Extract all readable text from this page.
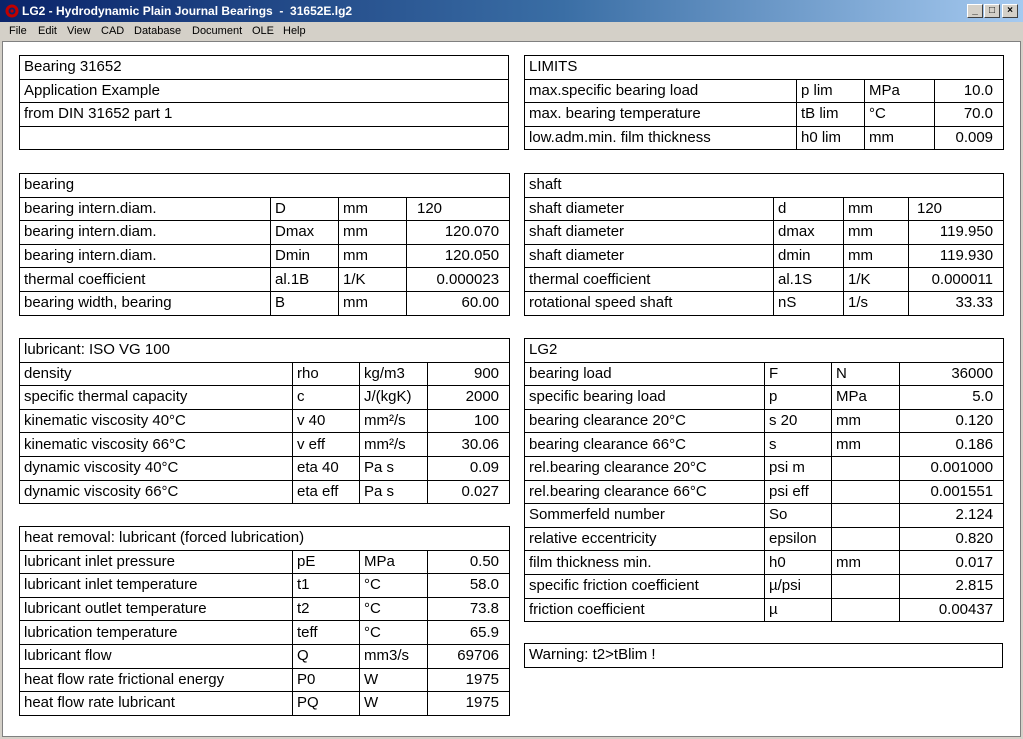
LG2 - Hydrodynamic Plain Journal Bearings  -  31652E.lg2	_	□	×
File Edit View CAD Database Document OLE Help
Bearing 31652
Application Example
from DIN 31652 part 1

LIMITS			
max.specific bearing load	p lim	MPa	10.0
max. bearing temperature	tB lim	°C	70.0
low.adm.min. film thickness	h0 lim	mm	0.009
bearing			
bearing intern.diam.	D	mm	120
bearing intern.diam.	Dmax	mm	120.070
bearing intern.diam.	Dmin	mm	120.050
thermal coefficient	al.1B	1/K	0.000023
bearing width, bearing	B	mm	60.00
shaft			
shaft diameter	d	mm	120
shaft diameter	dmax	mm	119.950
shaft diameter	dmin	mm	119.930
thermal coefficient	al.1S	1/K	0.000011
rotational speed shaft	nS	1/s	33.33
lubricant: ISO VG 100			
density	rho	kg/m3	900
specific thermal capacity	c	J/(kgK)	2000
kinematic viscosity 40°C	v 40	mm²/s	100
kinematic viscosity 66°C	v eff	mm²/s	30.06
dynamic viscosity 40°C	eta 40	Pa s	0.09
dynamic viscosity 66°C	eta eff	Pa s	0.027
heat removal: lubricant (forced lubrication)			
lubricant inlet pressure	pE	MPa	0.50
lubricant inlet temperature	t1	°C	58.0
lubricant outlet temperature	t2	°C	73.8
lubrication temperature	teff	°C	65.9
lubricant flow	Q	mm3/s	69706
heat flow rate frictional energy	P0	W	1975
heat flow rate lubricant	PQ	W	1975
LG2			
bearing load	F	N	36000
specific bearing load	p	MPa	5.0
bearing clearance 20°C	s 20	mm	0.120
bearing clearance 66°C	s	mm	0.186
rel.bearing clearance 20°C	psi m		0.001000
rel.bearing clearance 66°C	psi eff		0.001551
Sommerfeld number	So		2.124
relative eccentricity	epsilon		0.820
film thickness min.	h0	mm	0.017
specific friction coefficient	µ/psi		2.815
friction coefficient	µ		0.00437
Warning: t2>tBlim !
